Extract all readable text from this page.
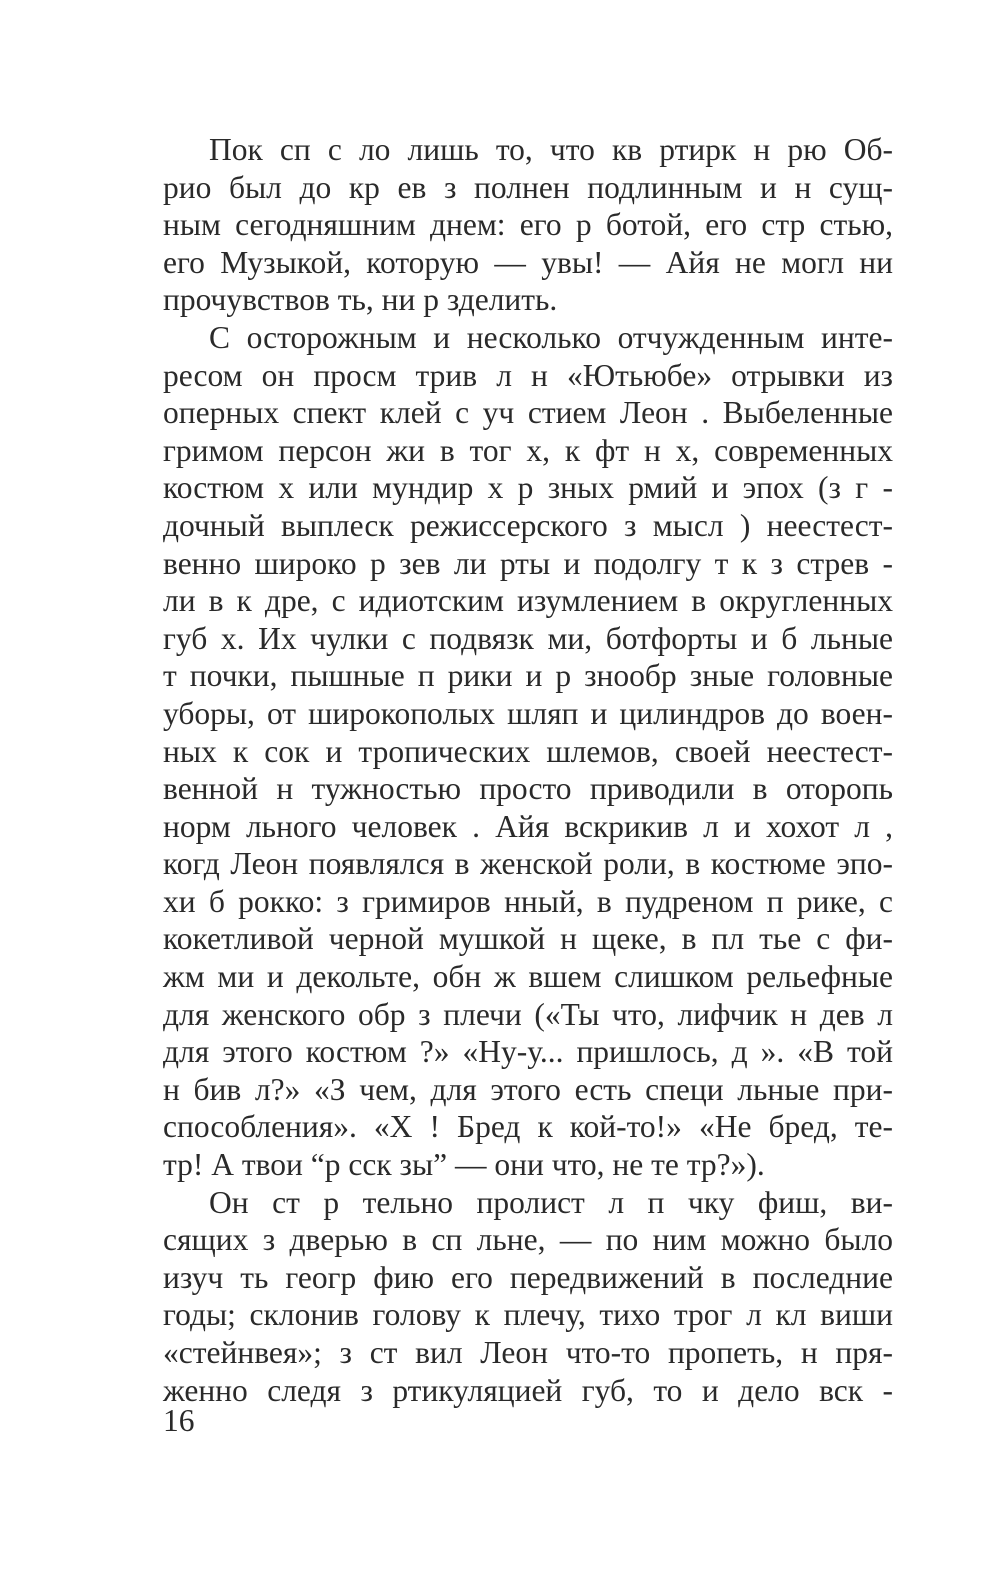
Пок сп с ло лишь то, что кв ртирк н рю Об-
рио был до кр ев з полнен подлинным и н сущ-
ным сегодняшним днем: его р ботой, его стр стью,
его Музыкой, которую — увы! — Айя не могл ни
прочувствов ть, ни р зделить.
С осторожным и несколько отчужденным инте-
ресом он просм трив л н «Ютьюбе» отрывки из
оперных спект клей с уч стием Леон . Выбеленные
гримом персон жи в тог х, к фт н х, современных
костюм х или мундир х р зных рмий и эпох (з г -
дочный выплеск режиссерского з мысл ) неестест-
венно широко р зев ли рты и подолгу т к з стрев -
ли в к дре, с идиотским изумлением в округленных
губ х. Их чулки с подвязк ми, ботфорты и б льные
т почки, пышные п рики и р знообр зные головные
уборы, от широкополых шляп и цилиндров до воен-
ных к сок и тропических шлемов, своей неестест-
венной н тужностью просто приводили в оторопь
норм льного человек . Айя вскрикив л и хохот л ,
когд Леон появлялся в женской роли, в костюме эпо-
хи б рокко: з гримиров нный, в пудреном п рике, с
кокетливой черной мушкой н щеке, в пл тье с фи-
жм ми и декольте, обн ж вшем слишком рельефные
для женского обр з плечи («Ты что, лифчик н дев л
для этого костюм ?» «Ну-у... пришлось, д ». «В той
н бив л?» «З чем, для этого есть специ льные при-
способления». «Х ! Бред к кой-то!» «Не бред, те-
тр! А твои “р сск зы” — они что, не те тр?»).
Он ст р тельно пролист л п чку фиш, ви-
сящих з дверью в сп льне, — по ним можно было
изуч ть геогр фию его передвижений в последние
годы; склонив голову к плечу, тихо трог л кл виши
«стейнвея»; з ст вил Леон что-то пропеть, н пря-
женно следя з ртикуляцией губ, то и дело вск -
16
